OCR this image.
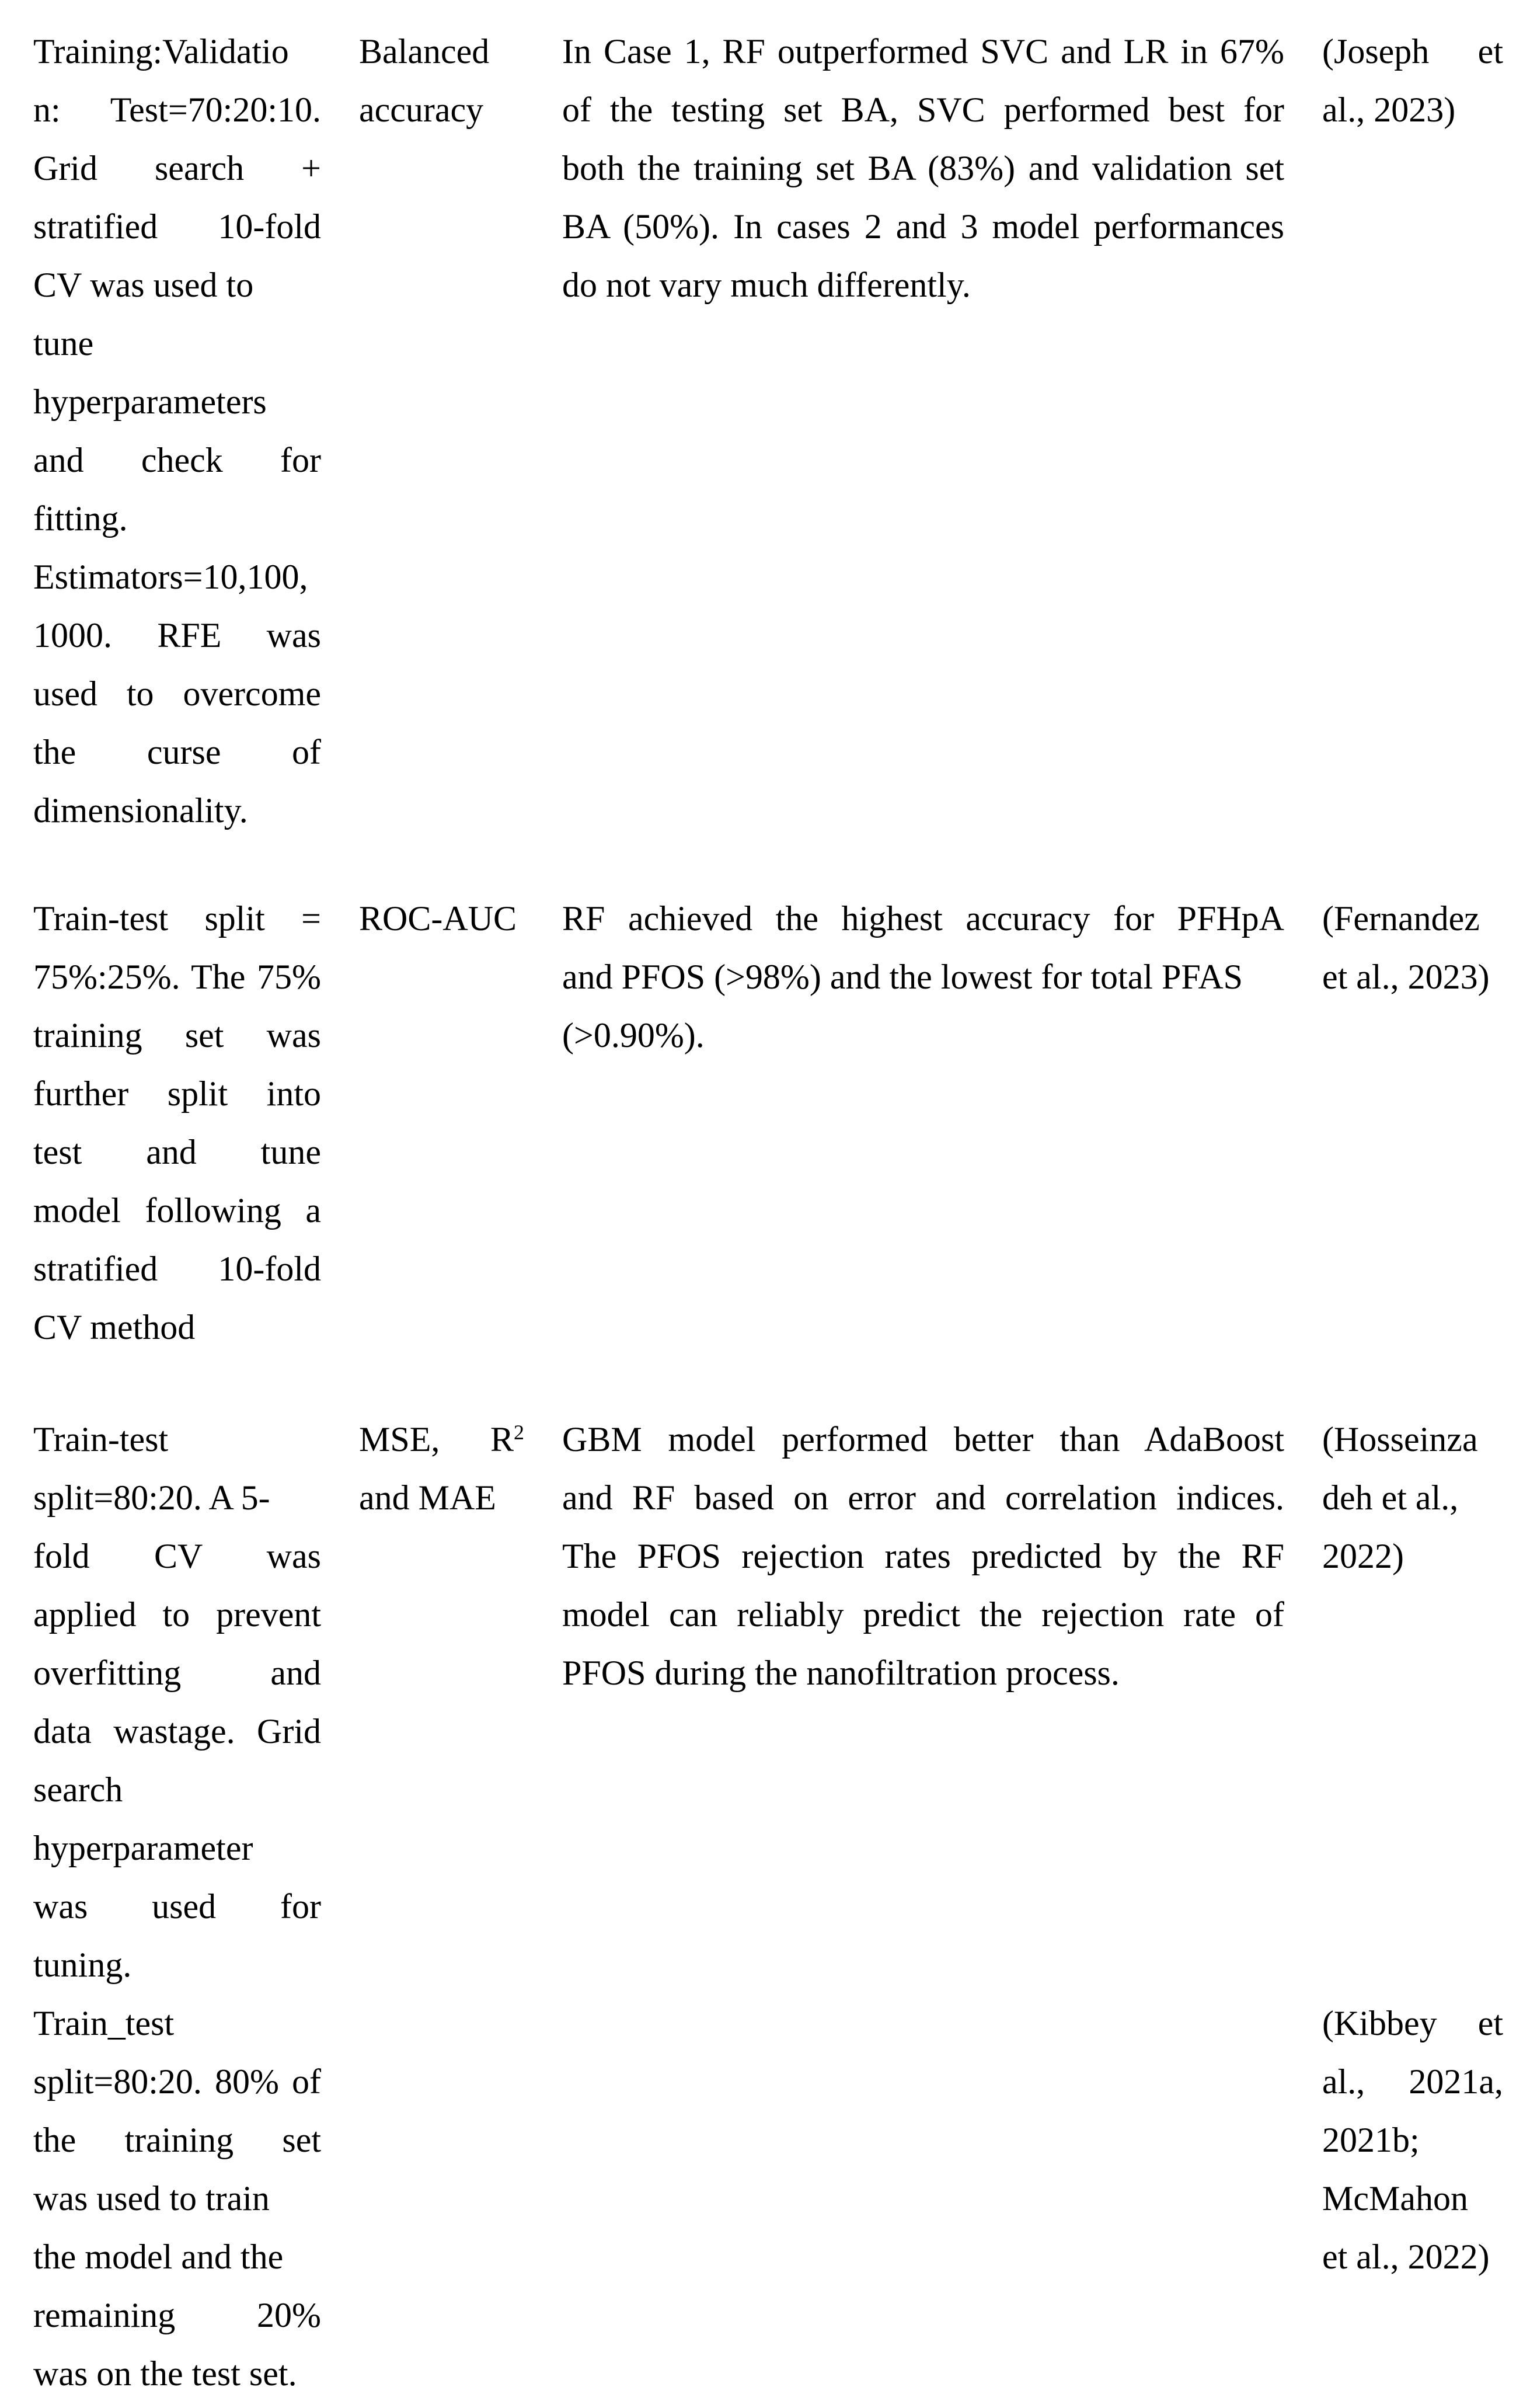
Training:Validatio
n: Test=70:20:10.
Grid search +
stratified 10-fold
CV was used to
tune
hyperparameters
and check for
fitting.
Estimators=10,100,
1000. RFE was
used to overcome
the curse of
dimensionality.
Balanced
accuracy
In Case 1, RF outperformed SVC and LR in 67%
of the testing set BA, SVC performed best for
both the training set BA (83%) and validation set
BA (50%). In cases 2 and 3 model performances
do not vary much differently.
(Joseph et
al., 2023)
Train-test split =
75%:25%. The 75%
training set was
further split into
test and tune
model following a
stratified 10-fold
CV method
ROC-AUC RF achieved the highest accuracy for PFHpA
and PFOS (>98%) and the lowest for total PFAS
(>0.90%).
(Fernandez
et al., 2023)
Train-test
split=80:20. A 5-
fold CV was
applied to prevent
overfitting and
data wastage. Grid
search
hyperparameter
was used for
tuning.
MSE, $R^2$
and MAE
GBM model performed better than AdaBoost
and RF based on error and correlation indices.
The PFOS rejection rates predicted by the RF
model can reliably predict the rejection rate of
PFOS during the nanofiltration process.
(Hosseinza
deh et al.,
2022)
Train_test
split=80:20. 80% of
the training set
was used to train
the model and the
remaining 20%
was on the test set.
(Kibbey et
al., 2021a,
2021b;
McMahon
et al., 2022)
